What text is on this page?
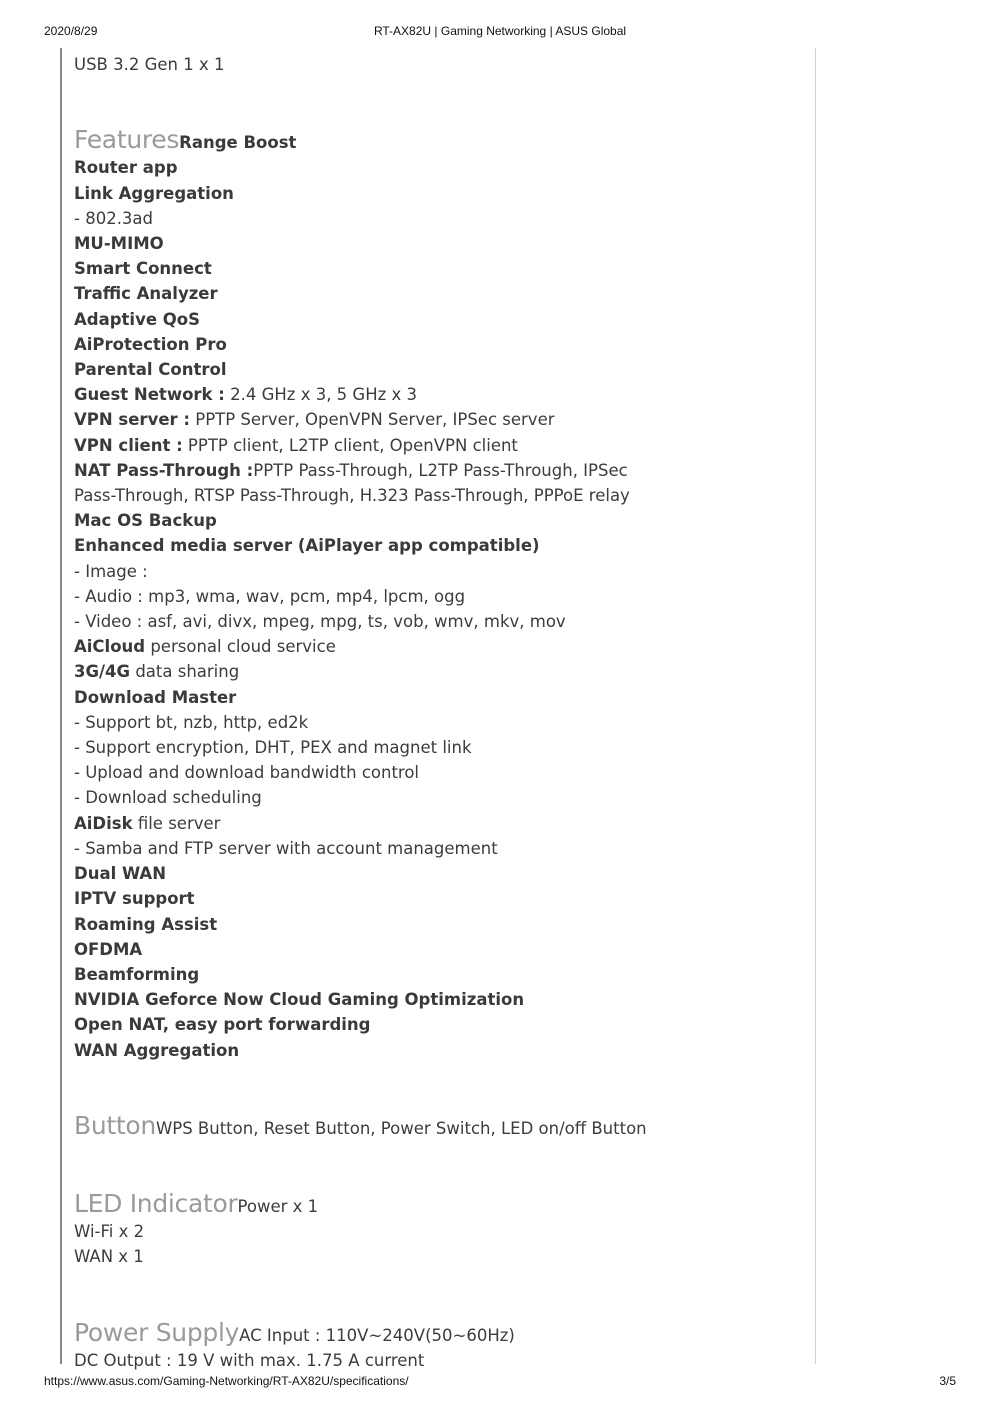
2020/8/29	RT-AX82U | Gaming Networking | ASUS Global
USB 3.2 Gen 1 x 1
FeaturesRange Boost
Router app
Link Aggregation
- 802.3ad
MU-MIMO
Smart Connect
Traffic Analyzer
Adaptive QoS
AiProtection Pro
Parental Control
Guest Network : 2.4 GHz x 3, 5 GHz x 3
VPN server : PPTP Server, OpenVPN Server, IPSec server
VPN client : PPTP client, L2TP client, OpenVPN client
NAT Pass-Through :PPTP Pass-Through, L2TP Pass-Through, IPSec Pass-Through, RTSP Pass-Through, H.323 Pass-Through, PPPoE relay
Mac OS Backup
Enhanced media server (AiPlayer app compatible)
- Image :
- Audio : mp3, wma, wav, pcm, mp4, lpcm, ogg
- Video : asf, avi, divx, mpeg, mpg, ts, vob, wmv, mkv, mov
AiCloud personal cloud service
3G/4G data sharing
Download Master
- Support bt, nzb, http, ed2k
- Support encryption, DHT, PEX and magnet link
- Upload and download bandwidth control
- Download scheduling
AiDisk file server
- Samba and FTP server with account management
Dual WAN
IPTV support
Roaming Assist
OFDMA
Beamforming
NVIDIA Geforce Now Cloud Gaming Optimization
Open NAT, easy port forwarding
WAN Aggregation
ButtonWPS Button, Reset Button, Power Switch, LED on/off Button
LED IndicatorPower x 1
Wi-Fi x 2
WAN x 1
Power SupplyAC Input : 110V~240V(50~60Hz)
DC Output : 19 V with max. 1.75 A current
https://www.asus.com/Gaming-Networking/RT-AX82U/specifications/	3/5
